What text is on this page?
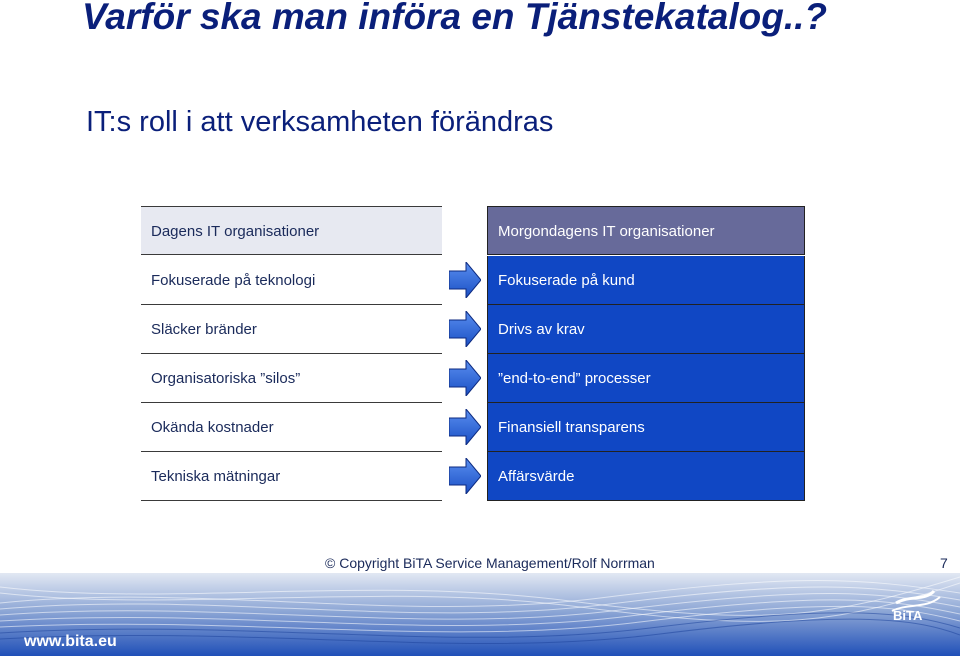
Varför ska man införa en Tjänstekatalog..?
IT:s roll i att verksamheten förändras
Dagens IT organisationer
Fokuserade på teknologi
Släcker bränder
Organisatoriska ”silos”
Okända kostnader
Tekniska mätningar
Morgondagens IT organisationer
Fokuserade på kund
Drivs av krav
”end-to-end” processer
Finansiell transparens
Affärsvärde
© Copyright BiTA Service Management/Rolf Norrman	7
www.bita.eu
BiTA
